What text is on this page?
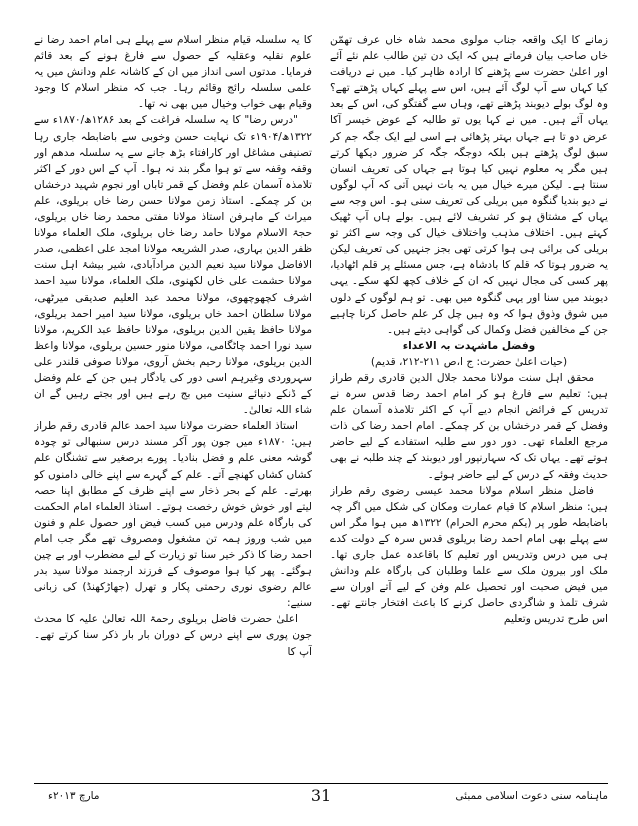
زمانے کا ایک واقعہ جناب مولوی محمد شاہ خاں عرف تھمّن خاں صاحب بیان فرماتے ہیں کہ ایک دن تین طالب علم نئے آئے اور اعلیٰ حضرت سے پڑھنے کا ارادہ ظاہر کیا۔ میں نے دریافت کیا کہاں سے آپ لوگ آئے ہیں، اس سے پہلے کہاں پڑھتے تھے؟ وہ لوگ بولے دیوبند پڑھتے تھے، وہاں سے گفتگو کی، اس کے بعد یہاں آئے ہیں۔ میں نے کہا یوں تو طالبہ کے عوض خیسر آکا عرض دو تا ہے جہاں بہتر پڑھائی ہے اسی لیے ایک جگہ جم کر سبق لوگ پڑھتے ہیں بلکہ دوجگہ جگہ کر ضرور دیکھا کرتے ہیں مگر یہ معلوم نہیں کیا ہوتا ہے جہاں کی تعریف انسان سنتا ہے۔ لیکن میرے خیال میں یہ بات نہیں آتی کہ آپ لوگوں نے دیو بندیا گنگوہ میں بریلی کی تعریف سنی ہو۔ اس وجہ سے یہاں کے مشتاق ہو کر تشریف لائے ہیں۔ بولے ہاں آپ ٹھیک کہتے ہیں۔ اختلاف مذہب واختلاف خیال کی وجہ سے اکثر تو بریلی کی برائی ہی ہوا کرتی تھی بجز جنہیں کی تعریف لیکن یہ ضرور ہوتا کہ قلم کا بادشاہ ہے، جس مسئلے پر قلم اٹھادیا، پھر کسی کی مجال نہیں کہ ان کے خلاف کچھ لکھ سکے۔ یہی دیوبند میں سنا اور یہی گنگوہ میں بھی۔ تو ہم لوگوں کے دلوں میں شوق وذوق ہوا کہ وہ ہیں چل کر علم حاصل کرنا چاہیے جن کے مخالفین فضل وکمال کی گواہی دیتے ہیں۔
وفضل ماشہدت بہ الاعداء
(حیات اعلیٰ حضرت: ج ا،ص ۲۱۱-۲۱۲، قدیم)

محقق اہل سنت مولانا محمد جلال الدین قادری رقم طراز ہیں: تعلیم سے فارغ ہو کر امام احمد رضا قدس سرہ نے تدریس کے فرائض انجام دیے آپ کے اکثر تلامذہ آسمان علم وفضل کے قمر درخشاں بن کر چمکے۔ امام احمد رضا کی ذات مرجع العلماء تھی۔ دور دور سے طلبہ استفادے کے لیے حاضر ہوتے تھے۔ یہاں تک کہ سہارنپور اور دیوبند کے چند طلبہ نے بھی حدیث وفقہ کے درس کے لیے حاضر ہوئے۔

فاضل منظر اسلام مولانا محمد عیسی رضوی رقم طراز ہیں: منظر اسلام کا قیام عمارت ومکان کی شکل میں اگر چہ باضابطہ طور پر (یکم محرم الحرام) ۱۳۲۲ھ میں ہوا مگر اس سے پہلے بھی امام احمد رضا بریلوی قدس سرہ کے دولت کدے ہی میں درس وتدریس اور تعلیم کا باقاعدہ عمل جاری تھا۔ ملک اور بیرون ملک سے علما وطلبان کی بارگاہ علم ودانش میں فیض صحبت اور تحصیل علم وفن کے لیے آتے اوران سے شرف تلمذ و شاگردی حاصل کرنے کا باعث افتخار جانتے تھے۔ اس طرح تدریس وتعلیم

کا یہ سلسلہ قیام منظر اسلام سے پہلے ہی امام احمد رضا نے علوم نقلیہ وعقلیہ کے حصول سے فارغ ہونے کے بعد قائم فرمایا۔ مدتوں اسی انداز میں ان کے کاشانہ علم ودانش میں یہ علمی سلسلہ رائج وقائم رہا۔ جب کہ منظر اسلام کا وجود وقیام بھی خواب وخیال میں بھی نہ تھا۔

"درس رضا" کا یہ سلسلہ فراغت کے بعد ۱۲۸۶ھ/۱۸۷۰ء سے ۱۳۲۲ھ/۱۹۰۴ء تک نہایت حسن وخوبی سے باضابطہ جاری رہا تصنیفی مشاغل اور کارافتاء بڑھ جانے سے یہ سلسلہ مدھم اور وقفہ وقفہ سے تو ہوا مگر بند نہ ہوا۔ آپ کے اس دور کے اکثر تلامذہ آسمان علم وفضل کے قمر تاباں اور نجوم شہید درخشاں بن کر چمکے۔ استاذ زمن مولانا حسن رضا خاں بریلوی، علم میراث کے ماہرفن استاذ مولانا مفتی محمد رضا خاں بریلوی، حجۃ الاسلام مولانا حامد رضا خاں بریلوی، ملک العلماء مولانا ظفر الدین بہاری، صدر الشریعہ مولانا امجد علی اعظمی، صدر الافاضل مولانا سید نعیم الدین مرادآبادی، شیر بیشۂ اہل سنت مولانا حشمت علی خاں لکھنوی، ملک العلماء، مولانا سید احمد اشرف کچھوچھوی، مولانا محمد عبد العلیم صدیقی میرٹھی، مولانا سلطان احمد خاں بریلوی، مولانا سید امیر احمد بریلوی، مولانا حافظ یقین الدین بریلوی، مولانا حافظ عبد الکریم، مولانا سید نورا احمد چاٹگامی، مولانا منور حسین بریلوی، مولانا واعظ الدین بریلوی، مولانا رحیم بخش آروی، مولانا صوفی قلندر علی سہروردی وغیرہم اسی دور کی یادگار ہیں جن کے علم وفضل کے ڈنکے دنیائے سنیت میں بج رہے ہیں اور بجتے رہیں گے ان شاء اللہ تعالیٰ۔

استاذ العلماء حضرت مولانا سید احمد عالم قادری رقم طراز ہیں: ۱۸۷۰ء میں جون پور آکر مسند درس سنبھالی تو چودہ گوشہ معنی علم و فضل بنادیا۔ پورے برصغیر سے تشنگان علم کشاں کشاں کھنچے آتے۔ علم کے گہرے سے اپنے خالی دامنوں کو بھرتے۔ علم کے بحر ذخار سے اپنے ظرف کے مطابق اپنا حصہ لیتے اور خوش خوش رخصت ہوتے۔ استاذ العلماء امام الحکمت کی بارگاہ علم ودرس میں کسب فیض اور حصول علم و فنون میں شب وروز ہمہ تن مشغول ومصروف تھے مگر جب امام احمد رضا کا ذکر خیر سنا تو زیارت کے لیے مضطرب اور بے چین ہوگئے۔ پھر کیا ہوا موصوف کے فرزند ارجمند مولانا سید بدر عالم رضوی نوری رحمتی پکار و تھرل (جھاڑکھنڈ) کی زبانی سنیے:

اعلیٰ حضرت فاضل بریلوی رحمۃ اللہ تعالیٰ علیہ کا محدث جون پوری سے اپنے درس کے دوران بار بار ذکر سنا کرتے تھے۔ آپ کا

ماہنامہ سنی دعوت اسلامی ممبئی
31
مارچ ۲۰۱۳ء
